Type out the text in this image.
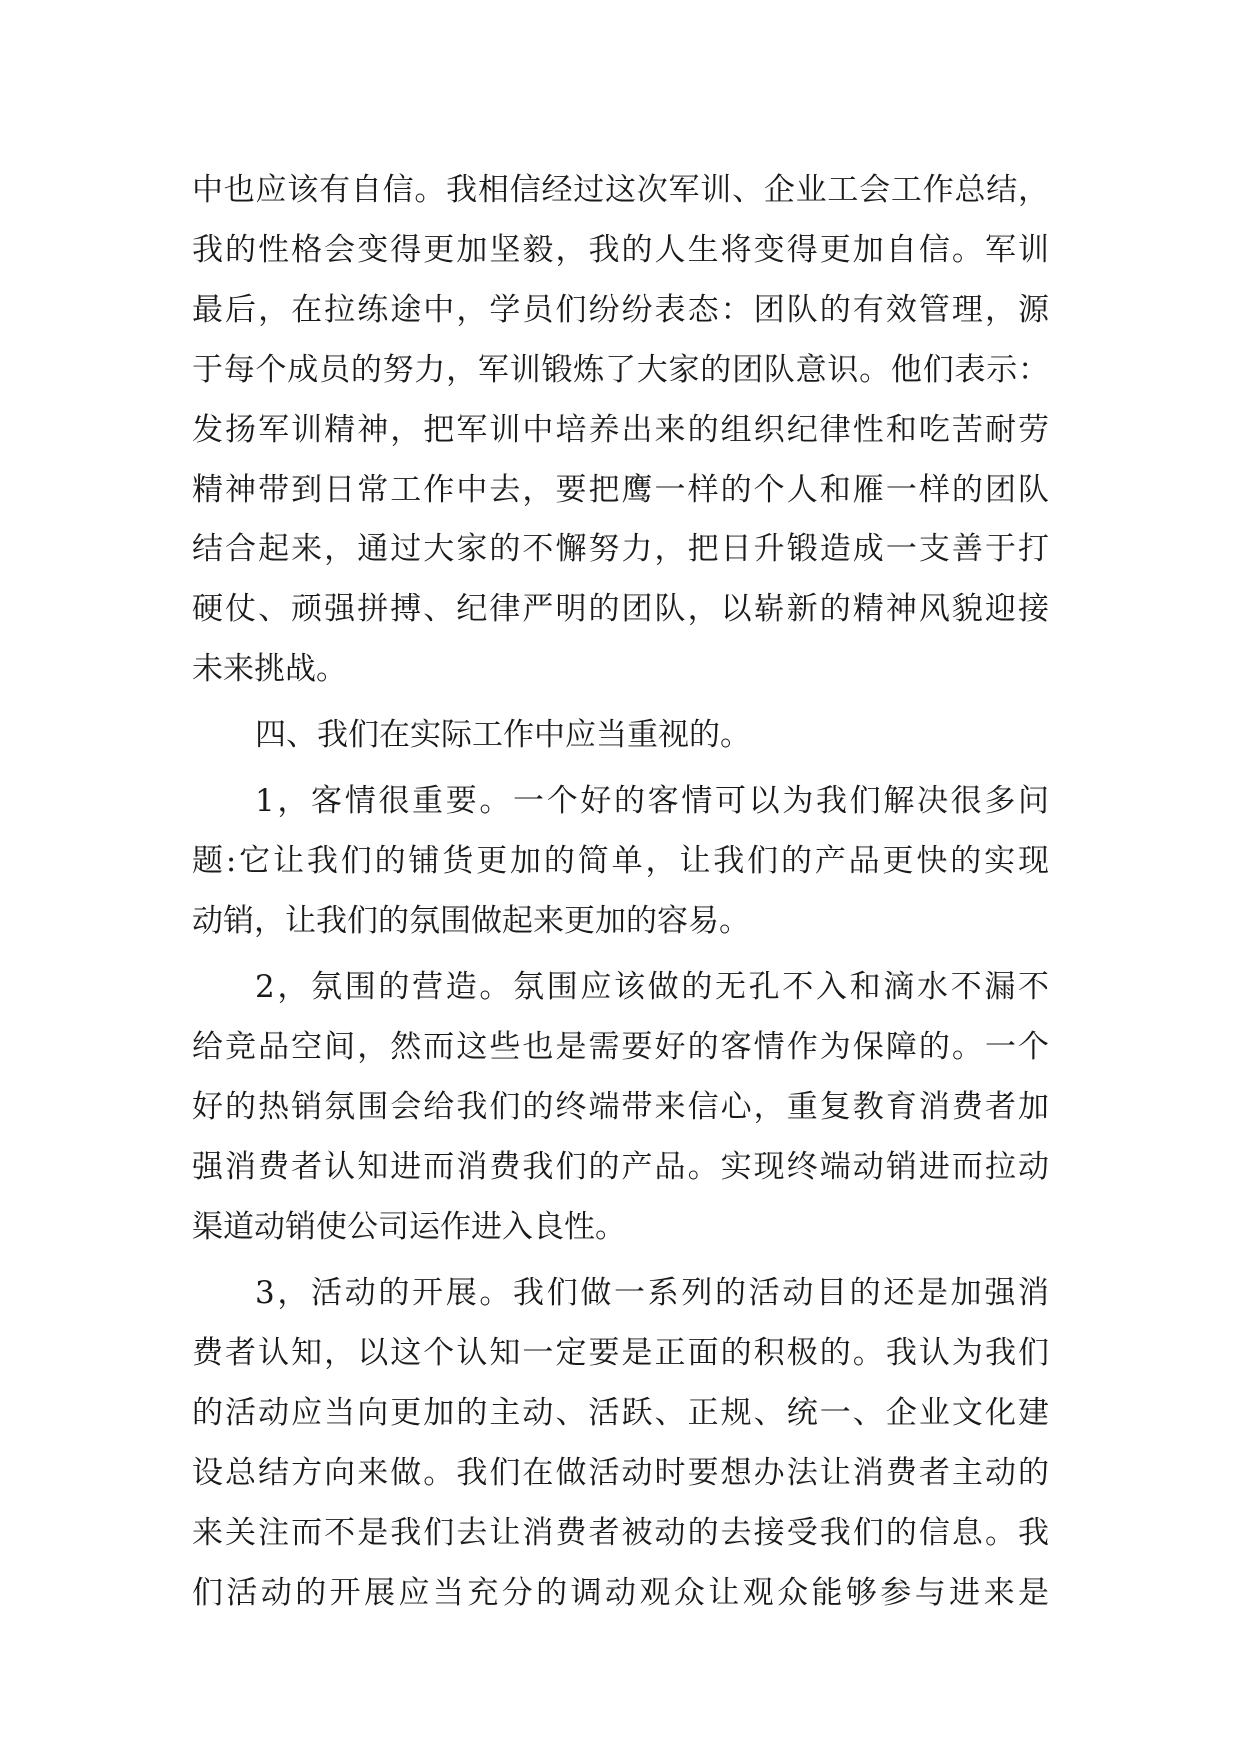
中也应该有自信。我相信经过这次军训、企业工会工作总结，
我的性格会变得更加坚毅，我的人生将变得更加自信。军训
最后，在拉练途中，学员们纷纷表态：团队的有效管理，源
于每个成员的努力，军训锻炼了大家的团队意识。他们表示：
发扬军训精神，把军训中培养出来的组织纪律性和吃苦耐劳
精神带到日常工作中去，要把鹰一样的个人和雁一样的团队
结合起来，通过大家的不懈努力，把日升锻造成一支善于打
硬仗、顽强拼搏、纪律严明的团队，以崭新的精神风貌迎接
未来挑战。
四、我们在实际工作中应当重视的。
1，客情很重要。一个好的客情可以为我们解决很多问
题:它让我们的铺货更加的简单，让我们的产品更快的实现
动销，让我们的氛围做起来更加的容易。
2，氛围的营造。氛围应该做的无孔不入和滴水不漏不
给竞品空间，然而这些也是需要好的客情作为保障的。一个
好的热销氛围会给我们的终端带来信心，重复教育消费者加
强消费者认知进而消费我们的产品。实现终端动销进而拉动
渠道动销使公司运作进入良性。
3，活动的开展。我们做一系列的活动目的还是加强消
费者认知，以这个认知一定要是正面的积极的。我认为我们
的活动应当向更加的主动、活跃、正规、统一、企业文化建
设总结方向来做。我们在做活动时要想办法让消费者主动的
来关注而不是我们去让消费者被动的去接受我们的信息。我
们活动的开展应当充分的调动观众让观众能够参与进来是
